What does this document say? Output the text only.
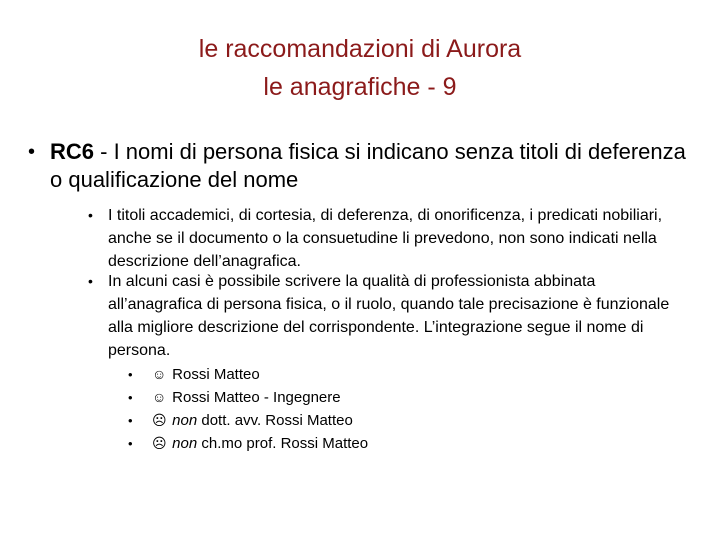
le raccomandazioni di Aurora
le anagrafiche - 9
• RC6 - I nomi di persona fisica si indicano senza titoli di deferenza o qualificazione del nome
• I titoli accademici, di cortesia, di deferenza, di onorificenza, i predicati nobiliari, anche se il documento o la consuetudine li prevedono, non sono indicati nella descrizione dell’anagrafica.
• In alcuni casi è possibile scrivere la qualità di professionista abbinata all’anagrafica di persona fisica, o il ruolo, quando tale precisazione è funzionale alla migliore descrizione del corrispondente. L’integrazione segue il nome di persona.
• ☺ Rossi Matteo
• ☺ Rossi Matteo - Ingegnere
• ☹ non dott. avv. Rossi Matteo
• ☹ non ch.mo prof. Rossi Matteo
